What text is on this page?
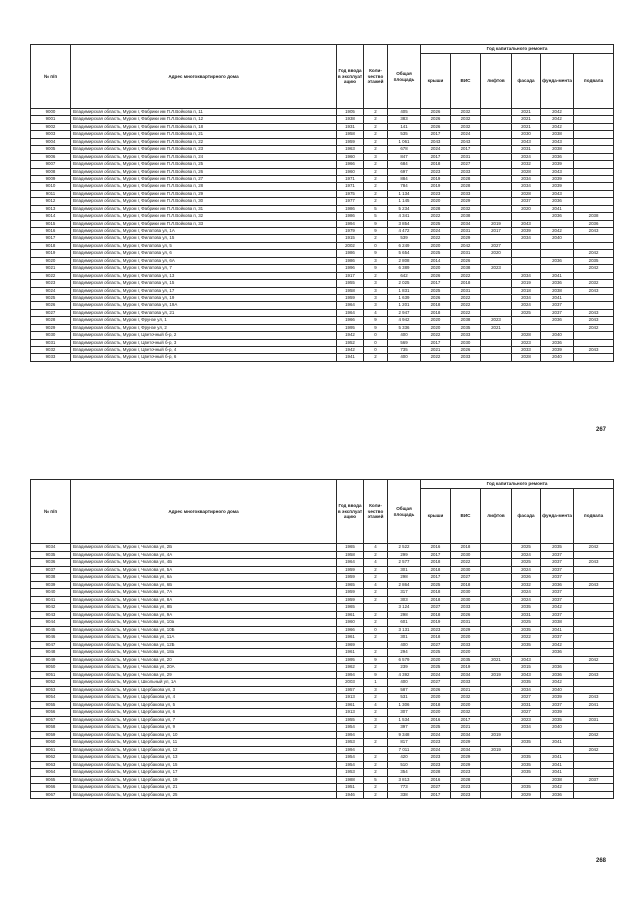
№ п/п	Адрес многоквартирного дома	Год ввода в эксплуат ацию	Коли-чество этажей	Общая площадь	Год капитального ремонта					
					крыши	ВИС	лифтов	фасада	фунда-мента	подвала
9000	Владимирская область, Муром г, Фабрики им П.Л.Войкова п, 11	1905	2	405	2026	2032		2021	2042	
9001	Владимирская область, Муром г, Фабрики им П.Л.Войкова п, 12	1938	2	383	2026	2032		2021	2042	
9002	Владимирская область, Муром г, Фабрики им П.Л.Войкова п, 18	1931	2	141	2026	2032		2021	2042	
9003	Владимирская область, Муром г, Фабрики им П.Л.Войкова п, 21	1958	2	535	2017	2024		2030	2038	
9004	Владимирская область, Муром г, Фабрики им П.Л.Войкова п, 22	1959	2	1 061	2043	2043		2043	2043	
9005	Владимирская область, Муром г, Фабрики им П.Л.Войкова п, 23	1963	2	678	2024	2017		2031	2038	
9006	Владимирская область, Муром г, Фабрики им П.Л.Войкова п, 24	1960	3	847	2017	2031		2024	2036	
9007	Владимирская область, Муром г, Фабрики им П.Л.Войкова п, 25	1966	2	684	2018	2027		2032	2039	
9008	Владимирская область, Муром г, Фабрики им П.Л.Войкова п, 26	1960	2	697	2023	2033		2028	2043	
9009	Владимирская область, Муром г, Фабрики им П.Л.Войкова п, 27	1971	2	884	2019	2028		2034	2039	
9010	Владимирская область, Муром г, Фабрики им П.Л.Войкова п, 28	1971	2	784	2019	2028		2034	2039	
9011	Владимирская область, Муром г, Фабрики им П.Л.Войкова п, 29	1975	2	1 134	2023	2033		2028	2043	
9012	Владимирская область, Муром г, Фабрики им П.Л.Войкова п, 30	1977	2	1 145	2020	2029		2037	2036	
9013	Владимирская область, Муром г, Фабрики им П.Л.Войкова п, 31	1986	5	5 234	2028	2032		2020	2041	
9014	Владимирская область, Муром г, Фабрики им П.Л.Войкова п, 32	1986	5	4 341	2022	2038			2036	2038
9015	Владимирская область, Муром г, Фабрики им П.Л.Войкова п, 33	1994	9	3 854	2025	2034	2019	2043		2036
9016	Владимирская область, Муром г, Филатова ул, 1А	1979	9	4 472	2024	2031	2017	2039	2042	2043
9017	Владимирская область, Муром г, Филатова ул, 15	1915	2	539	2022	2029		2034	2040	
9018	Владимирская область, Муром г, Филатова ул, 5	2002	0	6 249	2020	2042	2027			
9019	Владимирская область, Муром г, Филатова ул, 6	1986	9	5 654	2025	2031	2020			2042
9020	Владимирская область, Муром г, Филатова ул, 6А	1986	3	2 808	2014	2026			2036	2035
9021	Владимирская область, Муром г, Филатова ул, 7	1996	9	6 389	2020	2038	2023			2042
9022	Владимирская область, Муром г, Филатова ул, 13	1917	2	642	2026	2022		2034	2041	
9023	Владимирская область, Муром г, Филатова ул, 15	1955	3	2 025	2017	2018		2019	2036	2032
9024	Владимирская область, Муром г, Филатова ул, 17	1958	3	1 831	2025	2031		2018	2038	2043
9025	Владимирская область, Муром г, Филатова ул, 19	1959	3	1 639	2026	2022		2034	2041	
9026	Владимирская область, Муром г, Филатова ул, 19А	1964	3	1 201	2018	2022		2024	2037	
9027	Владимирская область, Муром г, Филатова ул, 21	1964	4	2 947	2018	2022		2025	2037	2043
9028	Владимирская область, Муром г, Фрунзе ул, 1	1966	9	4 942	2020	2038	2023		2036	2043
9029	Владимирская область, Муром г, Фрунзе ул, 2	1995	9	5 336	2020	2035	2021			2042
9030	Владимирская область, Муром г, Цветочный б-р, 2	1942	0	400	2022	2033		2028	2040	
9031	Владимирская область, Муром г, Цветочный б-р, 3	1952	0	569	2017	2030		2023	2036	
9032	Владимирская область, Муром г, Цветочный б-р, 4	1942	0	735	2021	2026		2033	2039	2043
9033	Владимирская область, Муром г, Цветочный б-р, 6	1941	2	400	2022	2033		2028	2040	
267
№ п/п	Адрес многоквартирного дома	Год ввода в эксплуат ацию	Коли-чество этажей	Общая площадь	Год капитального ремонта					
					крыши	ВИС	лифтов	фасада	фунда-мента	подвала
9034	Владимирская область, Муром г, Чкалова ул, 2Б	1965	4	2 522	2016	2018		2025	2035	2042
9035	Владимирская область, Муром г, Чкалова ул, 4А	1958	2	299	2017	2030		2024	2037	
9036	Владимирская область, Муром г, Чкалова ул, 4Б	1964	4	2 577	2018	2022		2025	2037	2043
9037	Владимирская область, Муром г, Чкалова ул, 5А	1959	2	301	2018	2030		2024	2037	
9038	Владимирская область, Муром г, Чкалова ул, 6а	1959	2	298	2017	2027		2026	2037	
9039	Владимирская область, Муром г, Чкалова ул, 6Б	1965	4	2 864	2025	2018		2032	2036	2043
9040	Владимирская область, Муром г, Чкалова ул, 7А	1959	2	317	2018	2030		2024	2037	
9041	Владимирская область, Муром г, Чкалова ул, 8А	1959	2	303	2018	2030		2024	2037	
9042	Владимирская область, Муром г, Чкалова ул, 8Б	1965		3 124	2027	2033		2035	2042	
9043	Владимирская область, Муром г, Чкалова ул, 9А	1961	2	298	2018	2026		2031	2037	
9044	Владимирская область, Муром г, Чкалова ул, 10а	1960	2	601	2019	2031		2025	2038	
9045	Владимирская область, Муром г, Чкалова ул, 10Б	1966	0	3 131	2023	2029		2035	2041	
9046	Владимирская область, Муром г, Чкалова ул, 11А	1961	2	301	2018	2020		2022	2037	
9047	Владимирская область, Муром г, Чкалова ул, 12Б	1969		400	2027	2033		2035	2042	
9048	Владимирская область, Муром г, Чкалова ул, 18а	1961	2	294	2025	2020			2036	
9049	Владимирская область, Муром г, Чкалова ул, 20	1995	9	6 579	2020	2035	2021	2043		2042
9050	Владимирская область, Муром г, Чкалова ул, 20А	1962	2	239	2025	2019		2015	2036	
9051	Владимирская область, Муром г, Чкалова ул, 29	1994	9	4 392	2024	2034	2019	2043	2036	2043
9052	Владимирская область, Муром г, Школьный ул, 1А	2003	1	400	2027	2033		2035	2042	
9053	Владимирская область, Муром г, Щербакова ул, 3	1957	3	587	2026	2021		2034	2040	
9054	Владимирская область, Муром г, Щербакова ул, 4	1913	2	531	2020	2032		2027	2039	2043
9055	Владимирская область, Муром г, Щербакова ул, 5	1961	4	1 306	2018	2020		2031	2037	2041
9056	Владимирская область, Муром г, Щербакова ул, 6	1913	2	307	2020	2032		2027	2039	
9057	Владимирская область, Муром г, Щербакова ул, 7	1955	3	1 534	2016	2017		2023	2035	2031
9058	Владимирская область, Муром г, Щербакова ул, 9	1954	2	397	2025	2021		2034	2040	
9059	Владимирская область, Муром г, Щербакова ул, 10	1994		9 348	2024	2034	2019			2042
9060	Владимирская область, Муром г, Щербакова ул, 11	1953	2	817	2023	2029		2035	2041	
9061	Владимирская область, Муром г, Щербакова ул, 12	1994		7 011	2024	2034	2019			2042
9062	Владимирская область, Муром г, Щербакова ул, 13	1954	2	420	2023	2029		2035	2041	
9063	Владимирская область, Муром г, Щербакова ул, 15	1954	2	510	2023	2029		2035	2041	
9064	Владимирская область, Муром г, Щербакова ул, 17	1953	2	354	2028	2023		2035	2041	
9065	Владимирская область, Муром г, Щербакова ул, 19	1988	5	3 813	2016	2028			2038	2037
9066	Владимирская область, Муром г, Щербакова ул, 21	1951	2	773	2027	2023		2035	2042	
9067	Владимирская область, Муром г, Щербакова ул, 25	1946	2	338	2017	2023		2029	2036	
268
